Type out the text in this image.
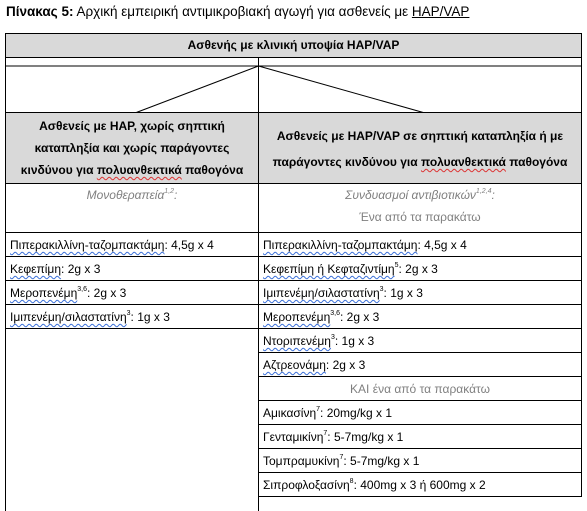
Πίνακας 5: Αρχική εμπειρική αντιμικροβιακή αγωγή για ασθενείς με HAP/VAP
Ασθενής με κλινική υποψία HAP/VAP
Ασθενείς με HAP, χωρίς σηπτική
καταπληξία και χωρίς παράγοντες
κινδύνου για πολυανθεκτικά παθογόνα
Ασθενείς με HAP/VAP σε σηπτική καταπληξία ή με
παράγοντες κινδύνου για πολυανθεκτικά παθογόνα
Μονοθεραπεία$^{1,2}$:	Συνδυασμοί αντιβιοτικών$^{1,2,4}$:
Ένα από τα παρακάτω
Πιπερακιλλίνη-ταζομπακτάμη: 4,5g x 4
Κεφεπίμη: 2g x 3
Μεροπενέμη$^{3,6}$: 2g x 3
Ιμιπενέμη/σιλαστατίνη$^3$: 1g x 3
Πιπερακιλλίνη-ταζομπακτάμη: 4,5g x 4
Κεφεπίμη ή Κεφταζιντίμη$^5$: 2g x 3
Ιμιπενέμη/σιλαστατίνη$^3$: 1g x 3
Μεροπενέμη$^{3,6}$: 2g x 3
Ντοριπενέμη$^3$: 1g x 3
Αζτρεονάμη: 2g x 3
ΚΑΙ ένα από τα παρακάτω
Αμικασίνη$^7$: 20mg/kg x 1
Γενταμικίνη$^7$: 5-7mg/kg x 1
Τομπραμυκίνη$^7$: 5-7mg/kg x 1
Σιπροφλοξασίνη$^8$: 400mg x 3 ή 600mg x 2
